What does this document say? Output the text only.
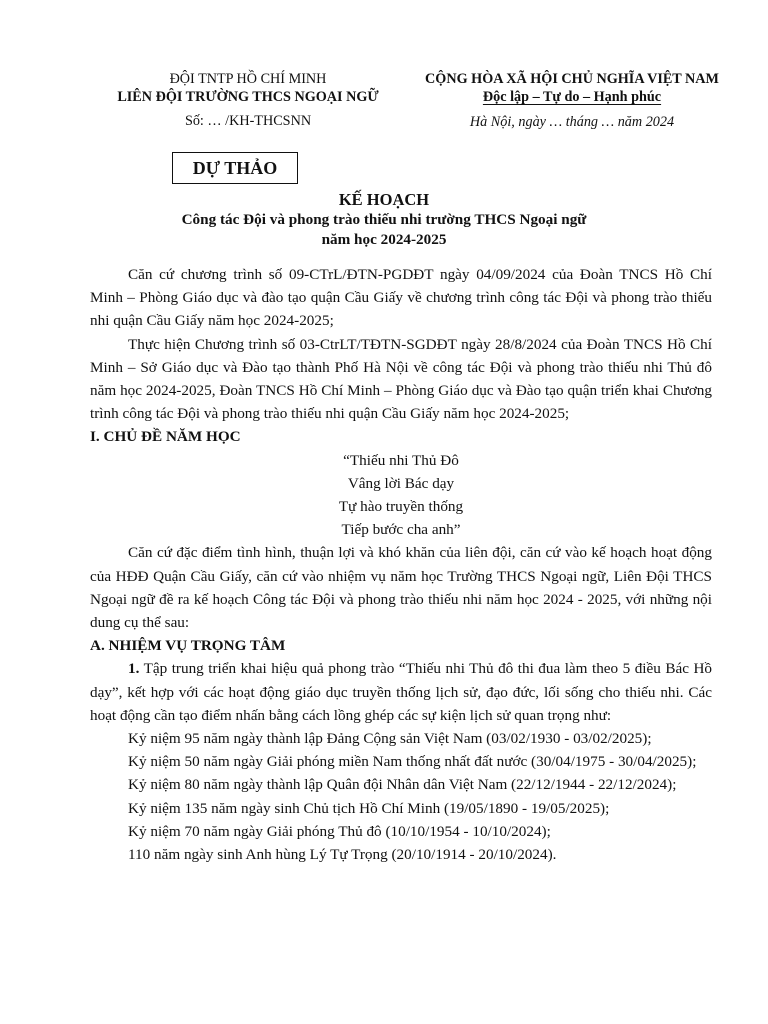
ĐỘI TNTP HỒ CHÍ MINH
LIÊN ĐỘI TRƯỜNG THCS NGOẠI NGỮ
Số: … /KH-THCSNN
CỘNG HÒA XÃ HỘI CHỦ NGHĨA VIỆT NAM
Độc lập – Tự do – Hạnh phúc
Hà Nội, ngày … tháng … năm 2024
DỰ THẢO
KẾ HOẠCH
Công tác Đội và phong trào thiếu nhi trường THCS Ngoại ngữ
năm học 2024-2025

Căn cứ chương trình số 09-CTrL/ĐTN-PGDĐT ngày 04/09/2024 của Đoàn TNCS Hồ Chí Minh – Phòng Giáo dục và đào tạo quận Cầu Giấy về chương trình công tác Đội và phong trào thiếu nhi quận Cầu Giấy năm học 2024-2025;

Thực hiện Chương trình số 03-CtrLT/TĐTN-SGDĐT ngày 28/8/2024 của Đoàn TNCS Hồ Chí Minh – Sở Giáo dục và Đào tạo thành Phố Hà Nội về công tác Đội và phong trào thiếu nhi Thủ đô năm học 2024-2025, Đoàn TNCS Hồ Chí Minh – Phòng Giáo dục và Đào tạo quận triển khai Chương trình công tác Đội và phong trào thiếu nhi quận Cầu Giấy năm học 2024-2025;

I. CHỦ ĐỀ NĂM HỌC

“Thiếu nhi Thủ Đô

Vâng lời Bác dạy

Tự hào truyền thống

Tiếp bước cha anh”

Căn cứ đặc điểm tình hình, thuận lợi và khó khăn của liên đội, căn cứ vào kế hoạch hoạt động của HĐĐ Quận Cầu Giấy, căn cứ vào nhiệm vụ năm học Trường THCS Ngoại ngữ, Liên Đội THCS Ngoại ngữ đề ra kế hoạch Công tác Đội và phong trào thiếu nhi năm học 2024 - 2025, với những nội dung cụ thể sau:

A. NHIỆM VỤ TRỌNG TÂM

1. Tập trung triển khai hiệu quả phong trào “Thiếu nhi Thủ đô thi đua làm theo 5 điều Bác Hồ dạy”, kết hợp với các hoạt động giáo dục truyền thống lịch sử, đạo đức, lối sống cho thiếu nhi. Các hoạt động cần tạo điểm nhấn bằng cách lồng ghép các sự kiện lịch sử quan trọng như:

Kỷ niệm 95 năm ngày thành lập Đảng Cộng sản Việt Nam (03/02/1930 - 03/02/2025);

Kỷ niệm 50 năm ngày Giải phóng miền Nam thống nhất đất nước (30/04/1975 - 30/04/2025);

Kỷ niệm 80 năm ngày thành lập Quân đội Nhân dân Việt Nam (22/12/1944 - 22/12/2024);

Kỷ niệm 135 năm ngày sinh Chủ tịch Hồ Chí Minh (19/05/1890 - 19/05/2025);

Kỷ niệm 70 năm ngày Giải phóng Thủ đô (10/10/1954 - 10/10/2024);

110 năm ngày sinh Anh hùng Lý Tự Trọng (20/10/1914 - 20/10/2024).
